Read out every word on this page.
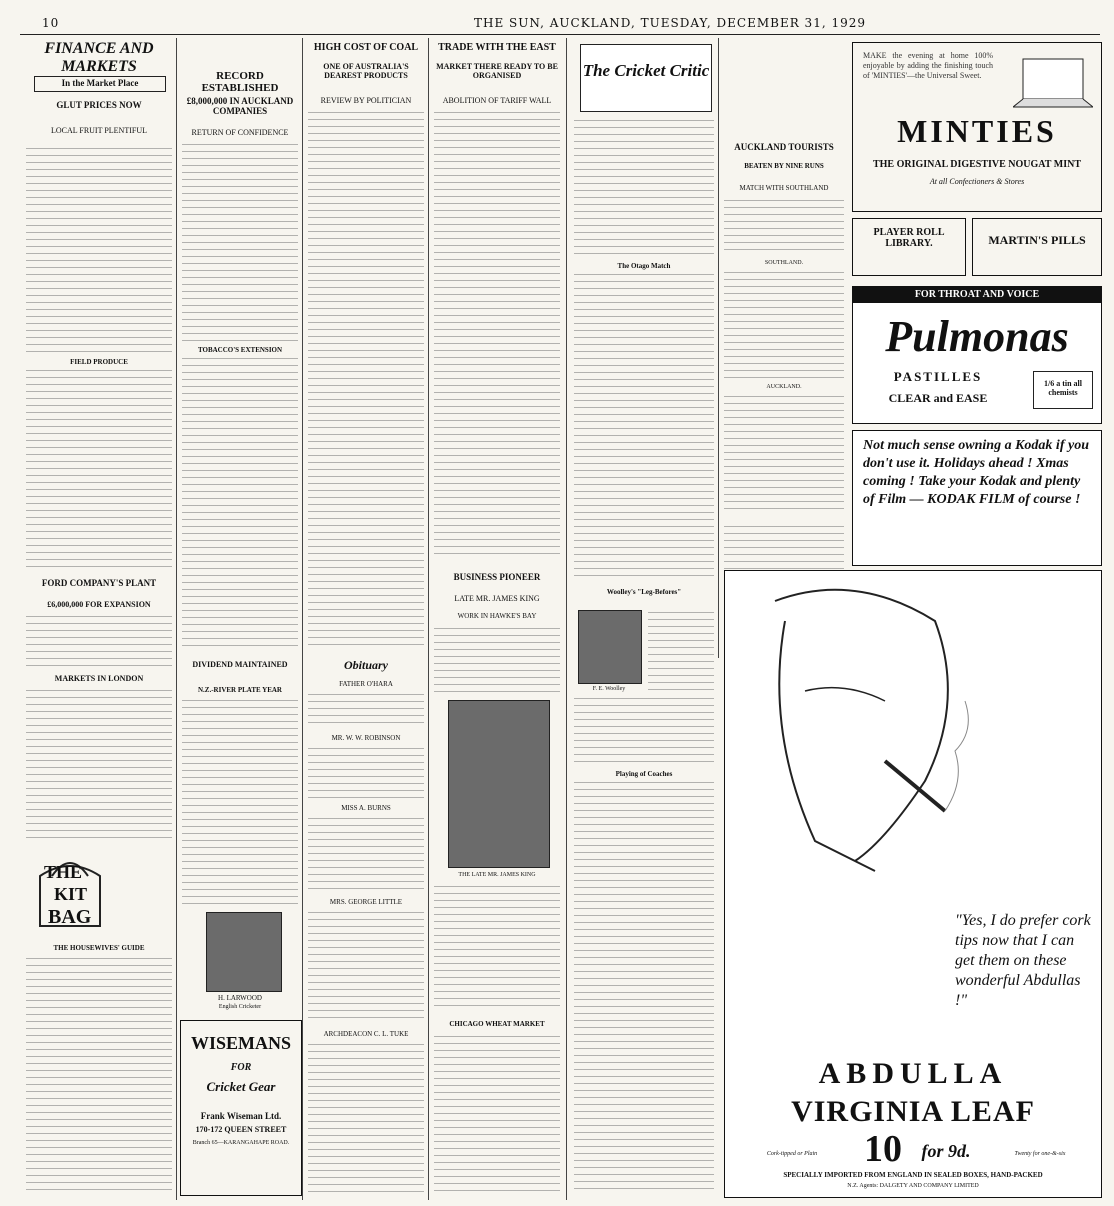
10	THE SUN, AUCKLAND, TUESDAY, DECEMBER 31, 1929
FINANCE AND MARKETS
In the Market Place
GLUT PRICES NOW
LOCAL FRUIT PLENTIFUL
FIELD PRODUCE
FORD COMPANY'S PLANT
£6,000,000 FOR EXPANSION
MARKETS IN LONDON
THE
KIT
BAG
THE HOUSEWIVES' GUIDE
RECORD ESTABLISHED
£8,000,000 IN AUCKLAND COMPANIES
RETURN OF CONFIDENCE
TOBACCO'S EXTENSION
DIVIDEND MAINTAINED
N.Z.-RIVER PLATE YEAR
H. LARWOOD
English Cricketer
WISEMANS
FOR
Cricket Gear
Frank Wiseman Ltd.
170-172 QUEEN STREET
Branch 65—KARANGAHAPE ROAD.
HIGH COST OF COAL
ONE OF AUSTRALIA'S DEAREST PRODUCTS
REVIEW BY POLITICIAN
Obituary
FATHER O'HARA
MR. W. W. ROBINSON
MISS A. BURNS
MRS. GEORGE LITTLE
ARCHDEACON C. L. TUKE
TRADE WITH THE EAST
MARKET THERE READY TO BE ORGANISED
ABOLITION OF TARIFF WALL
BUSINESS PIONEER
LATE MR. JAMES KING
WORK IN HAWKE'S BAY
THE LATE MR. JAMES KING
CHICAGO WHEAT MARKET
The Cricket Critic
The Otago Match
Woolley's "Leg-Befores"
F. E. Woolley
Playing of Coaches
AUCKLAND TOURISTS
BEATEN BY NINE RUNS
MATCH WITH SOUTHLAND
SOUTHLAND.
AUCKLAND.
MAKE the evening at home 100% enjoyable by adding the finishing touch of 'MINTIES'—the Universal Sweet.
MINTIES
THE ORIGINAL DIGESTIVE NOUGAT MINT
At all Confectioners & Stores
PLAYER ROLL LIBRARY.	MARTIN'S PILLS
FOR THROAT AND VOICE
Pulmonas
PASTILLES
CLEAR and EASE
1/6 a tin all chemists
Not much sense owning a Kodak if you don't use it. Holidays ahead ! Xmas coming ! Take your Kodak and plenty of Film — KODAK FILM of course !
"Yes, I do prefer cork tips now that I can get them on these wonderful Abdullas !"
ABDULLA
VIRGINIA LEAF
10	for 9d.
Cork-tipped or Plain	Twenty for one-&-six
SPECIALLY IMPORTED FROM ENGLAND IN SEALED BOXES, HAND-PACKED
N.Z. Agents: DALGETY AND COMPANY LIMITED
